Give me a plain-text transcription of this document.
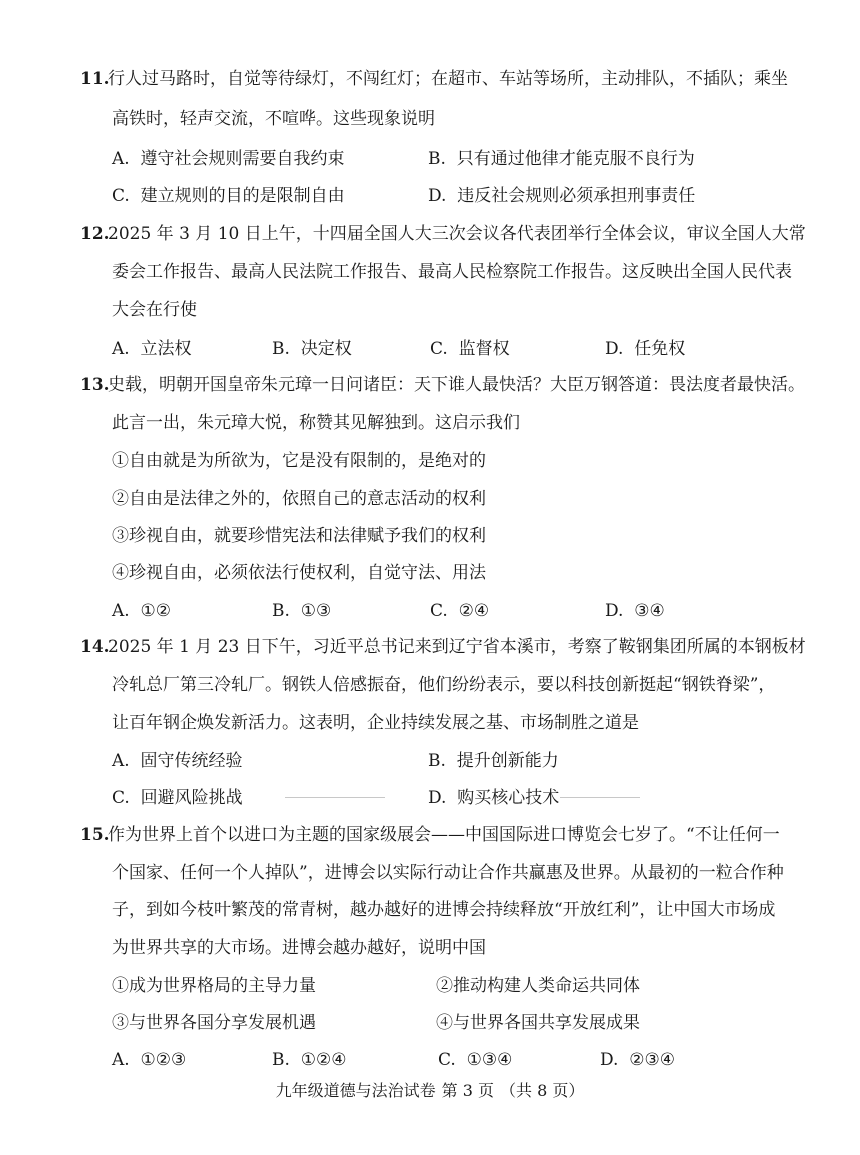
11.
行人过马路时，自觉等待绿灯，不闯红灯；在超市、车站等场所，主动排队，不插队；乘坐
高铁时，轻声交流，不喧哗。这些现象说明
A. 遵守社会规则需要自我约束	B. 只有通过他律才能克服不良行为
C. 建立规则的目的是限制自由	D. 违反社会规则必须承担刑事责任
12.
2025 年 3 月 10 日上午，十四届全国人大三次会议各代表团举行全体会议，审议全国人大常
委会工作报告、最高人民法院工作报告、最高人民检察院工作报告。这反映出全国人民代表
大会在行使
A. 立法权	B. 决定权	C. 监督权	D. 任免权
13.
史载，明朝开国皇帝朱元璋一日问诸臣：天下谁人最快活？大臣万钢答道：畏法度者最快活。
此言一出，朱元璋大悦，称赞其见解独到。这启示我们
①自由就是为所欲为，它是没有限制的，是绝对的
②自由是法律之外的，依照自己的意志活动的权利
③珍视自由，就要珍惜宪法和法律赋予我们的权利
④珍视自由，必须依法行使权利，自觉守法、用法
A. ①②	B. ①③	C. ②④	D. ③④
14.
2025 年 1 月 23 日下午，习近平总书记来到辽宁省本溪市，考察了鞍钢集团所属的本钢板材
冷轧总厂第三冷轧厂。钢铁人倍感振奋，他们纷纷表示，要以科技创新挺起“钢铁脊梁”，
让百年钢企焕发新活力。这表明，企业持续发展之基、市场制胜之道是
A. 固守传统经验	B. 提升创新能力
C. 回避风险挑战	D. 购买核心技术
15.
作为世界上首个以进口为主题的国家级展会——中国国际进口博览会七岁了。“不让任何一
个国家、任何一个人掉队”，进博会以实际行动让合作共赢惠及世界。从最初的一粒合作种
子，到如今枝叶繁茂的常青树，越办越好的进博会持续释放“开放红利”，让中国大市场成
为世界共享的大市场。进博会越办越好，说明中国
①成为世界格局的主导力量	②推动构建人类命运共同体
③与世界各国分享发展机遇	④与世界各国共享发展成果
A. ①②③	B. ①②④	C. ①③④	D. ②③④
九年级道德与法治试卷 第 3 页 （共 8 页）
